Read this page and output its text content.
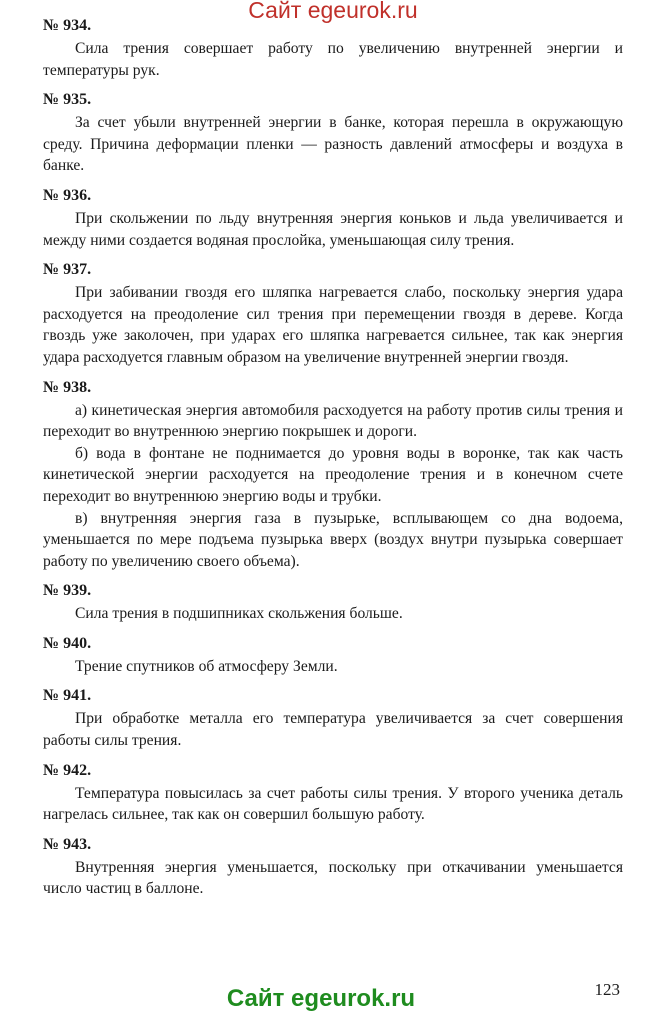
Сайт egeurok.ru
№ 934.

Сила трения совершает работу по увеличению внутренней энергии и температуры рук.

№ 935.

За счет убыли внутренней энергии в банке, которая перешла в окружающую среду. Причина деформации пленки — разность давлений атмосферы и воздуха в банке.

№ 936.

При скольжении по льду внутренняя энергия коньков и льда увеличивается и между ними создается водяная прослойка, уменьшающая силу трения.

№ 937.

При забивании гвоздя его шляпка нагревается слабо, поскольку энергия удара расходуется на преодоление сил трения при перемещении гвоздя в дереве. Когда гвоздь уже заколочен, при ударах его шляпка нагревается сильнее, так как энергия удара расходуется главным образом на увеличение внутренней энергии гвоздя.

№ 938.

а) кинетическая энергия автомобиля расходуется на работу против силы трения и переходит во внутреннюю энергию покрышек и дороги.

б) вода в фонтане не поднимается до уровня воды в воронке, так как часть кинетической энергии расходуется на преодоление трения и в конечном счете переходит во внутреннюю энергию воды и трубки.

в) внутренняя энергия газа в пузырьке, всплывающем со дна водоема, уменьшается по мере подъема пузырька вверх (воздух внутри пузырька совершает работу по увеличению своего объема).

№ 939.

Сила трения в подшипниках скольжения больше.

№ 940.

Трение спутников об атмосферу Земли.

№ 941.

При обработке металла его температура увеличивается за счет совершения работы силы трения.

№ 942.

Температура повысилась за счет работы силы трения. У второго ученика деталь нагрелась сильнее, так как он совершил большую работу.

№ 943.

Внутренняя энергия уменьшается, поскольку при откачивании уменьшается число частиц в баллоне.

123
Сайт egeurok.ru
